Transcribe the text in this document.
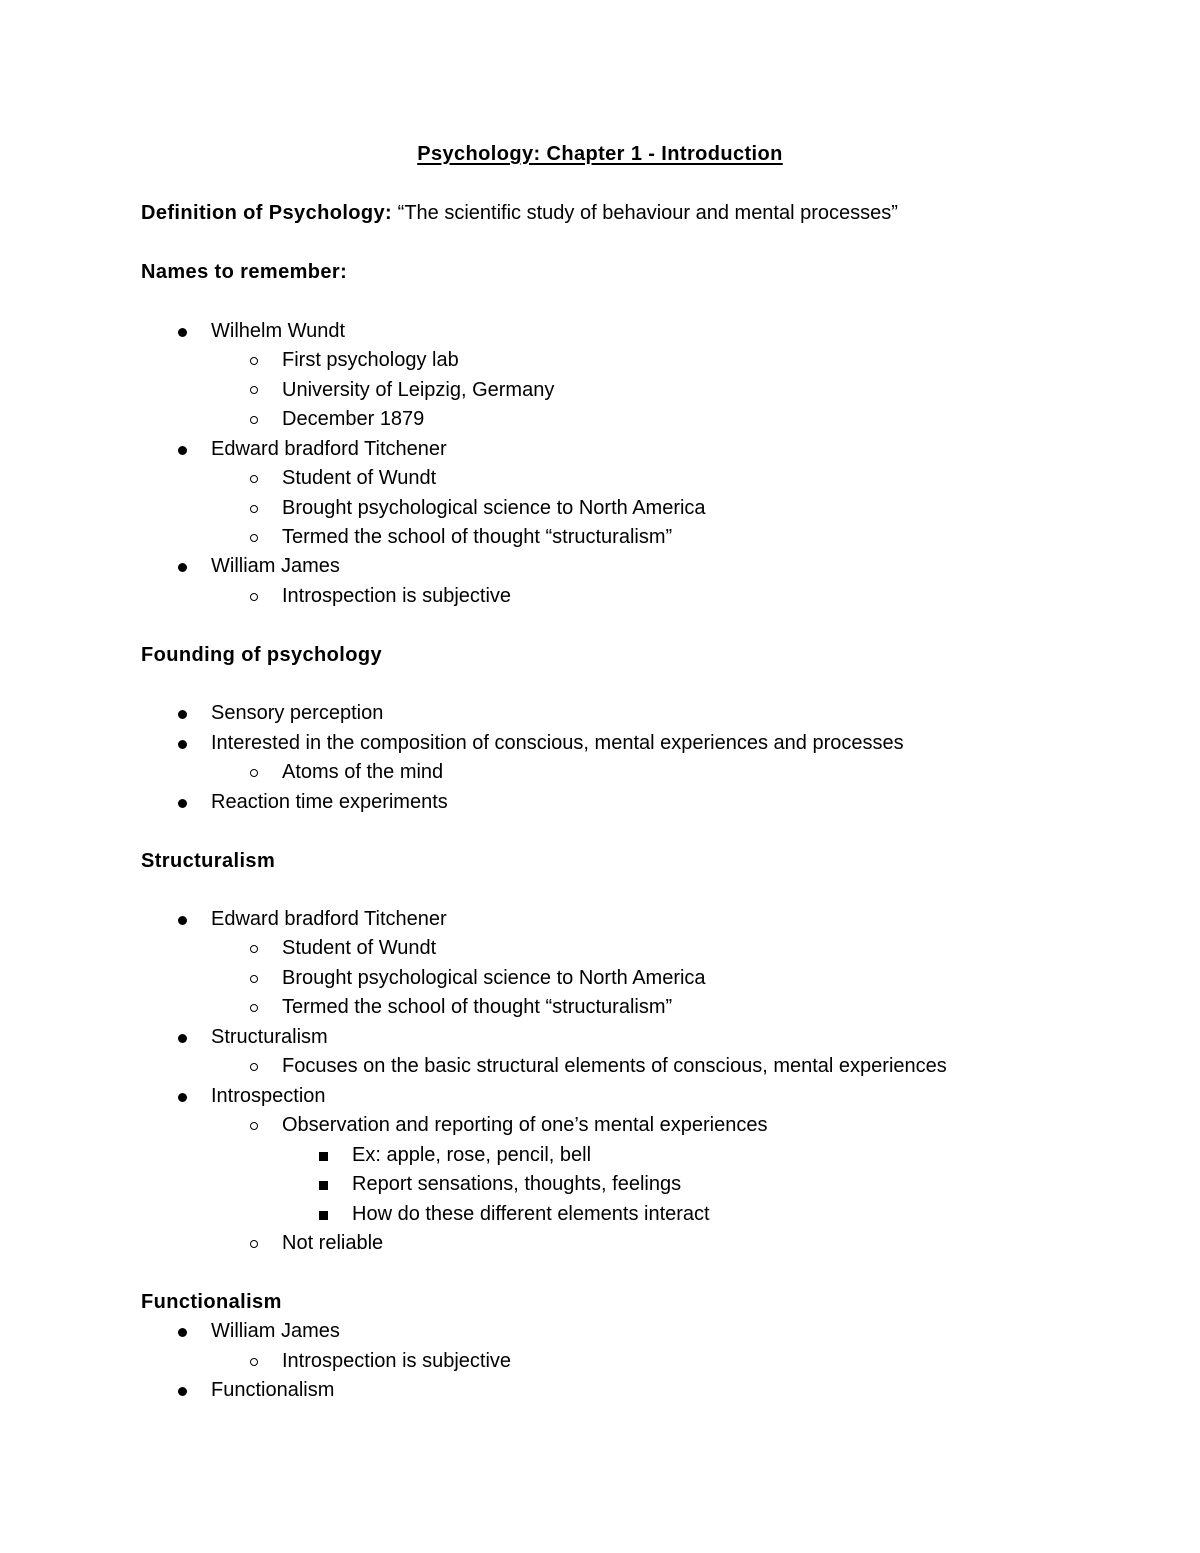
Psychology: Chapter 1 - Introduction
Definition of Psychology: “The scientific study of behaviour and mental processes”
Names to remember:
Wilhelm Wundt
First psychology lab
University of Leipzig, Germany
December 1879
Edward bradford Titchener
Student of Wundt
Brought psychological science to North America
Termed the school of thought “structuralism”
William James
Introspection is subjective
Founding of psychology
Sensory perception
Interested in the composition of conscious, mental experiences and processes
Atoms of the mind
Reaction time experiments
Structuralism
Edward bradford Titchener
Student of Wundt
Brought psychological science to North America
Termed the school of thought “structuralism”
Structuralism
Focuses on the basic structural elements of conscious, mental experiences
Introspection
Observation and reporting of one’s mental experiences
Ex: apple, rose, pencil, bell
Report sensations, thoughts, feelings
How do these different elements interact
Not reliable
Functionalism
William James
Introspection is subjective
Functionalism
